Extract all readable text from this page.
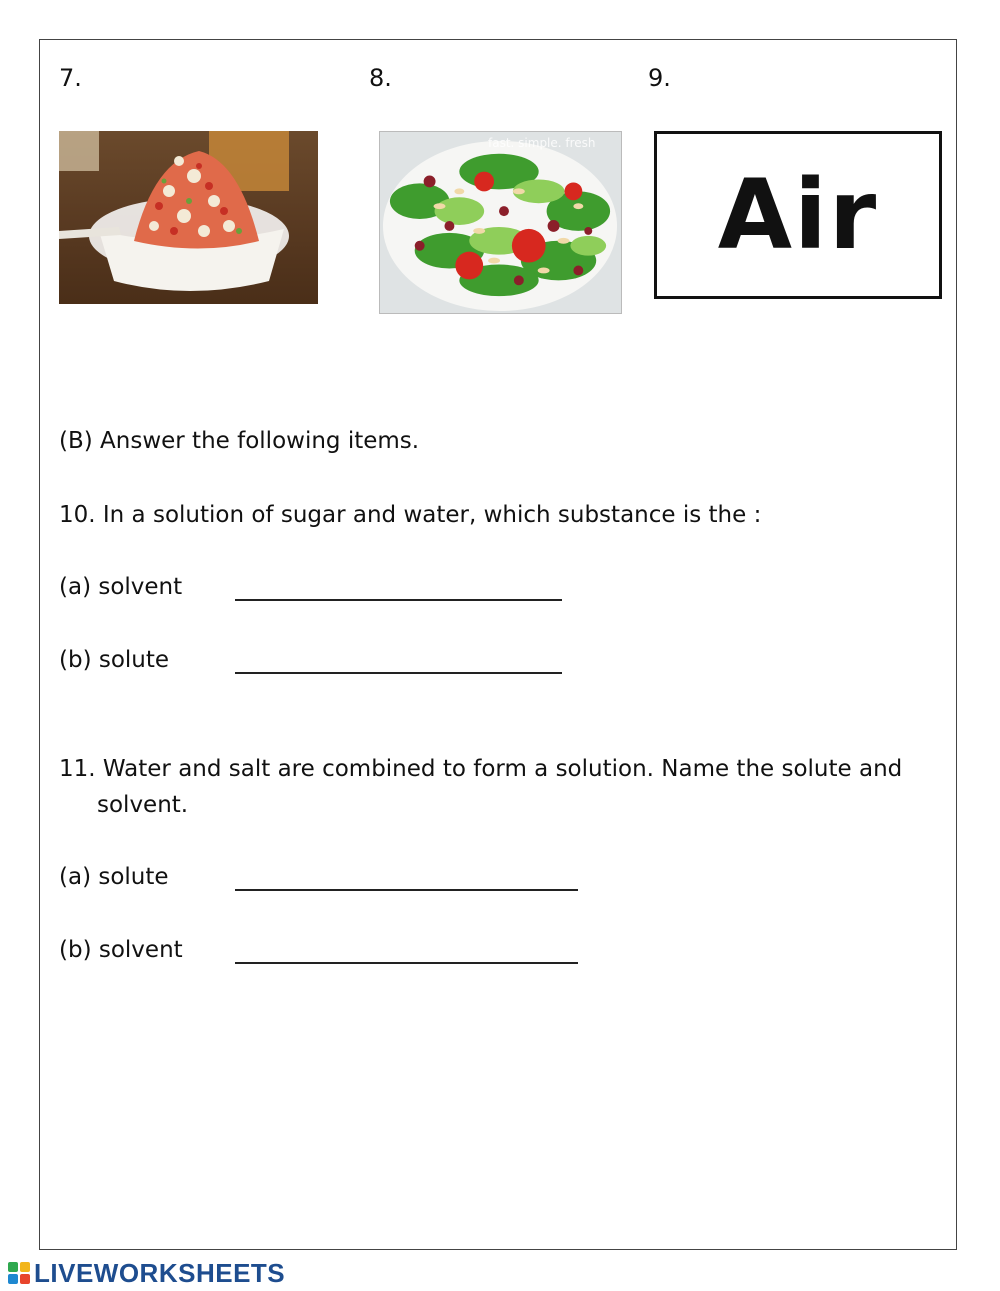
7.	8.	9.
fast. simple. fresh
Air
(B) Answer the following items.
10. In a solution of sugar and water, which substance is the :
(a) solvent
(b) solute
11. Water and salt are combined to form a solution. Name the solute and
solvent.
(a) solute
(b) solvent
LIVEWORKSHEETS
